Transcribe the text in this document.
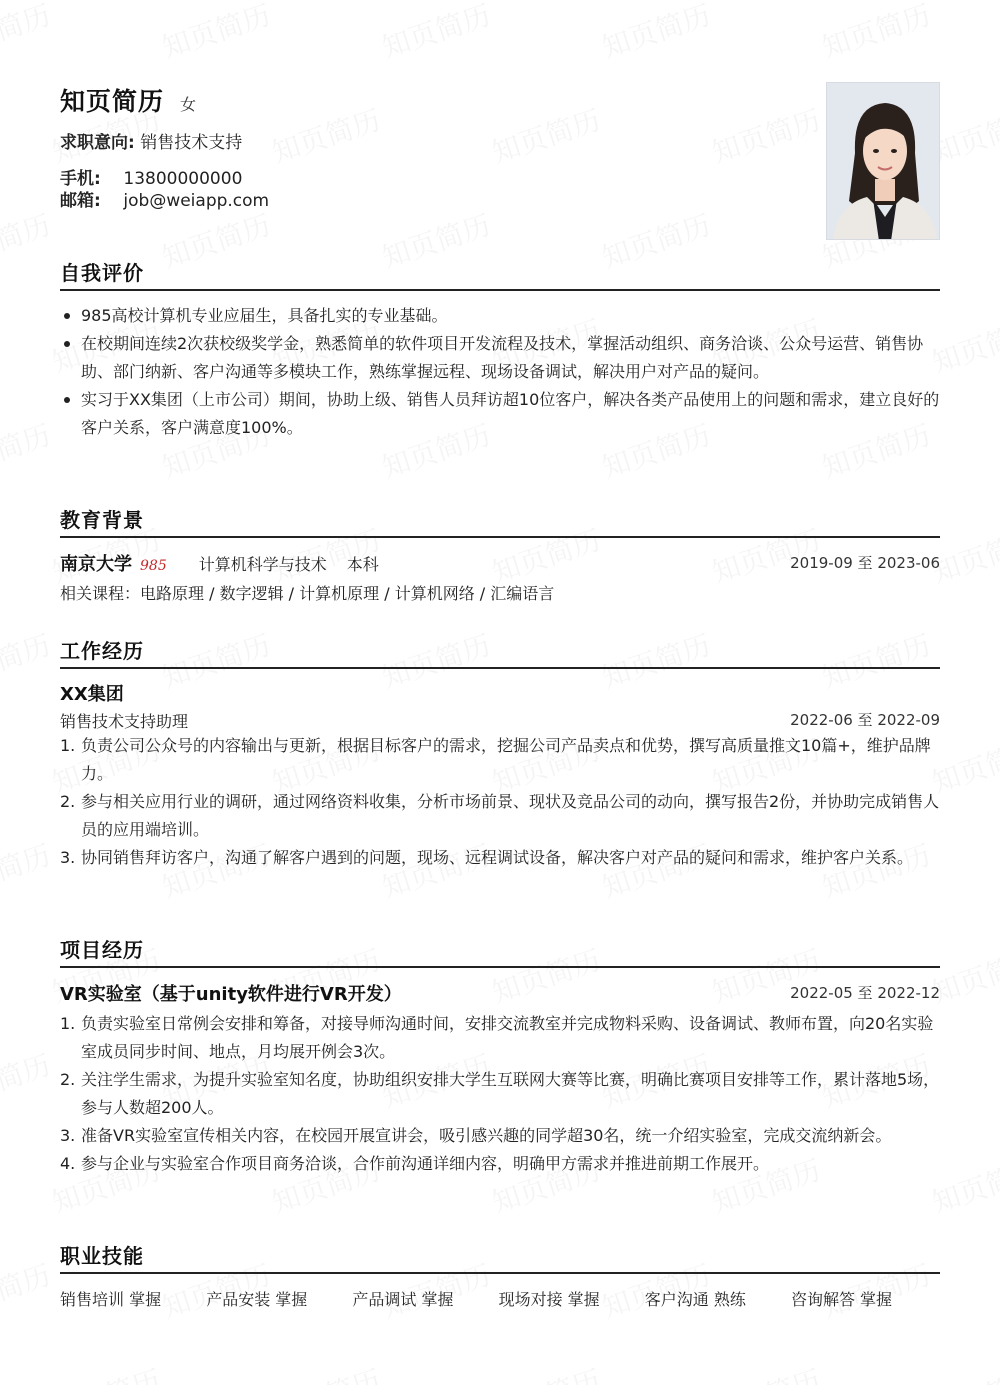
知页简历 女
求职意向: 销售技术支持
手机: 13800000000
邮箱: job@weiapp.com
自我评价
985高校计算机专业应届生，具备扎实的专业基础。
在校期间连续2次获校级奖学金，熟悉简单的软件项目开发流程及技术，掌握活动组织、商务洽谈、公众号运营、销售协助、部门纳新、客户沟通等多模块工作，熟练掌握远程、现场设备调试，解决用户对产品的疑问。
实习于XX集团（上市公司）期间，协助上级、销售人员拜访超10位客户，解决各类产品使用上的问题和需求，建立良好的客户关系，客户满意度100%。
教育背景
南京大学 985 计算机科学与技术 本科	2019-09 至 2023-06
相关课程：电路原理 / 数字逻辑 / 计算机原理 / 计算机网络 / 汇编语言
工作经历
XX集团
销售技术支持助理	2022-06 至 2022-09
1. 负责公司公众号的内容输出与更新，根据目标客户的需求，挖掘公司产品卖点和优势，撰写高质量推文10篇+，维护品牌力。
2. 参与相关应用行业的调研，通过网络资料收集，分析市场前景、现状及竞品公司的动向，撰写报告2份，并协助完成销售人员的应用端培训。
3. 协同销售拜访客户，沟通了解客户遇到的问题，现场、远程调试设备，解决客户对产品的疑问和需求，维护客户关系。
项目经历
VR实验室（基于unity软件进行VR开发）	2022-05 至 2022-12
1. 负责实验室日常例会安排和筹备，对接导师沟通时间，安排交流教室并完成物料采购、设备调试、教师布置，向20名实验室成员同步时间、地点，月均展开例会3次。
2. 关注学生需求，为提升实验室知名度，协助组织安排大学生互联网大赛等比赛，明确比赛项目安排等工作，累计落地5场，参与人数超200人。
3. 准备VR实验室宣传相关内容，在校园开展宣讲会，吸引感兴趣的同学超30名，统一介绍实验室，完成交流纳新会。
4. 参与企业与实验室合作项目商务洽谈，合作前沟通详细内容，明确甲方需求并推进前期工作展开。
职业技能
销售培训 掌握	产品安装 掌握	产品调试 掌握	现场对接 掌握	客户沟通 熟练	咨询解答 掌握
